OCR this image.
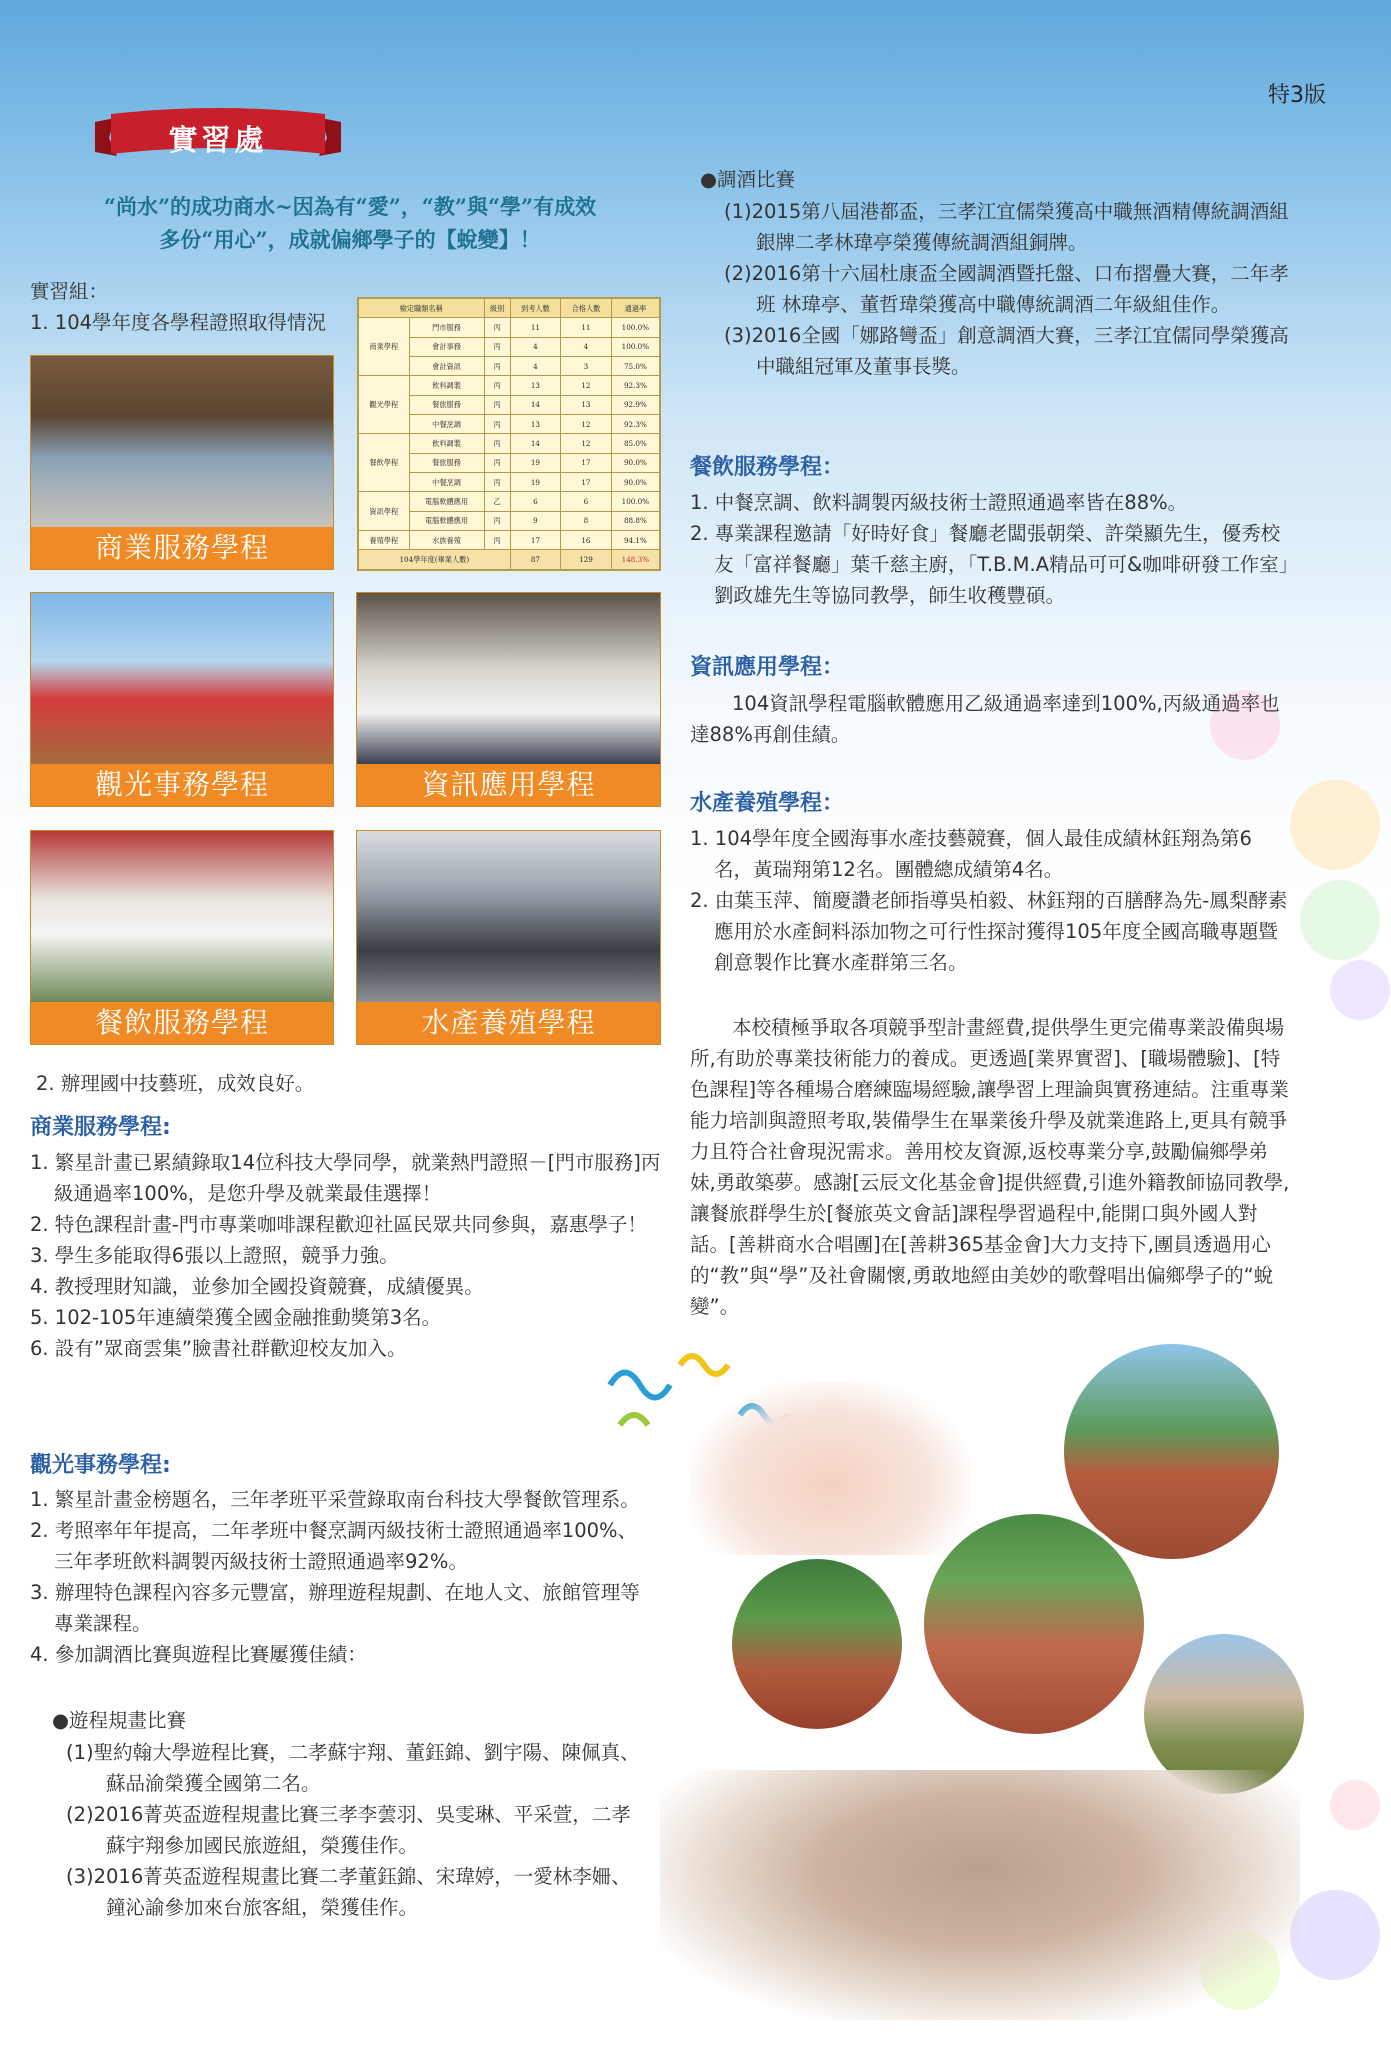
特3版
實習處
“尚水”的成功商水~因為有“愛”，“教”與“學”有成效
多份“用心”，成就偏鄉學子的【蛻變】！
實習組：
1. 104學年度各學程證照取得情況
檢定職類名稱		級別	到考人數	合格人數	通過率
商業學程	門市服務	丙	11	11	100.0%
	會計事務	丙	4	4	100.0%
	會計資訊	丙	4	3	75.0%
觀光學程	飲料調製	丙	13	12	92.3%
	餐旅服務	丙	14	13	92.9%
	中餐烹調	丙	13	12	92.3%
餐飲學程	飲料調製	丙	14	12	85.0%
	餐旅服務	丙	19	17	90.0%
	中餐烹調	丙	19	17	90.0%
資訊學程	電腦軟體應用	乙	6	6	100.0%
	電腦軟體應用	丙	9	8	88.8%
養殖學程	水族養殖	丙	17	16	94.1%
104學年度(畢業人數)			87	129	148.3%
商業服務學程
觀光事務學程	資訊應用學程
餐飲服務學程	水產養殖學程
2. 辦理國中技藝班，成效良好。
商業服務學程:
1. 繁星計畫已累績錄取14位科技大學同學，就業熱門證照－[門市服務]丙級通過率100%，是您升學及就業最佳選擇！
2. 特色課程計畫-門市專業咖啡課程歡迎社區民眾共同參與，嘉惠學子！
3. 學生多能取得6張以上證照，競爭力強。
4. 教授理財知識，並參加全國投資競賽，成績優異。
5. 102-105年連續榮獲全國金融推動獎第3名。
6. 設有”眾商雲集”臉書社群歡迎校友加入。
觀光事務學程:
1. 繁星計畫金榜題名，三年孝班平采萱錄取南台科技大學餐飲管理系。
2. 考照率年年提高，二年孝班中餐烹調丙級技術士證照通過率100%、三年孝班飲料調製丙級技術士證照通過率92%。
3. 辦理特色課程內容多元豐富，辦理遊程規劃、在地人文、旅館管理等專業課程。
4. 參加調酒比賽與遊程比賽屢獲佳績：
●遊程規畫比賽
(1)聖約翰大學遊程比賽，二孝蘇宇翔、董鈺錦、劉宇陽、陳佩真、蘇品渝榮獲全國第二名。
(2)2016菁英盃遊程規畫比賽三孝李蕓羽、吳雯琳、平采萱，二孝蘇宇翔參加國民旅遊組，榮獲佳作。
(3)2016菁英盃遊程規畫比賽二孝董鈺錦、宋瑋婷，一愛林李姍、鐘沁諭參加來台旅客組，榮獲佳作。
●調酒比賽
(1)2015第八屆港都盃，三孝江宜儒榮獲高中職無酒精傳統調酒組 銀牌二孝林瑋亭榮獲傳統調酒組銅牌。
(2)2016第十六屆杜康盃全國調酒暨托盤、口布摺疊大賽，二年孝班 林瑋亭、董哲瑋榮獲高中職傳統調酒二年級組佳作。
(3)2016全國「娜路彎盃」創意調酒大賽，三孝江宜儒同學榮獲高中職組冠軍及董事長獎。
餐飲服務學程：
1. 中餐烹調、飲料調製丙級技術士證照通過率皆在88%。
2. 專業課程邀請「好時好食」餐廳老闆張朝榮、許榮顯先生，優秀校友「富祥餐廳」葉千慈主廚，「T.B.M.A精品可可&咖啡研發工作室」劉政雄先生等協同教學，師生收穫豐碩。
資訊應用學程：
104資訊學程電腦軟體應用乙級通過率達到100%,丙級通過率也達88%再創佳績。
水產養殖學程：
1. 104學年度全國海事水產技藝競賽，個人最佳成績林鈺翔為第6名，黃瑞翔第12名。團體總成績第4名。
2. 由葉玉萍、簡慶讚老師指導吳柏毅、林鈺翔的百膳酵為先-鳳梨酵素應用於水產飼料添加物之可行性探討獲得105年度全國高職專題暨創意製作比賽水產群第三名。
本校積極爭取各項競爭型計畫經費,提供學生更完備專業設備與場所,有助於專業技術能力的養成。更透過[業界實習]、[職場體驗]、[特色課程]等各種場合磨練臨場經驗,讓學習上理論與實務連結。注重專業能力培訓與證照考取,裝備學生在畢業後升學及就業進路上,更具有競爭力且符合社會現況需求。善用校友資源,返校專業分享,鼓勵偏鄉學弟妹,勇敢築夢。感謝[云辰文化基金會]提供經費,引進外籍教師協同教學,讓餐旅群學生於[餐旅英文會話]課程學習過程中,能開口與外國人對話。[善耕商水合唱團]在[善耕365基金會]大力支持下,團員透過用心的“教”與“學”及社會關懷,勇敢地經由美妙的歌聲唱出偏鄉學子的“蛻變”。
